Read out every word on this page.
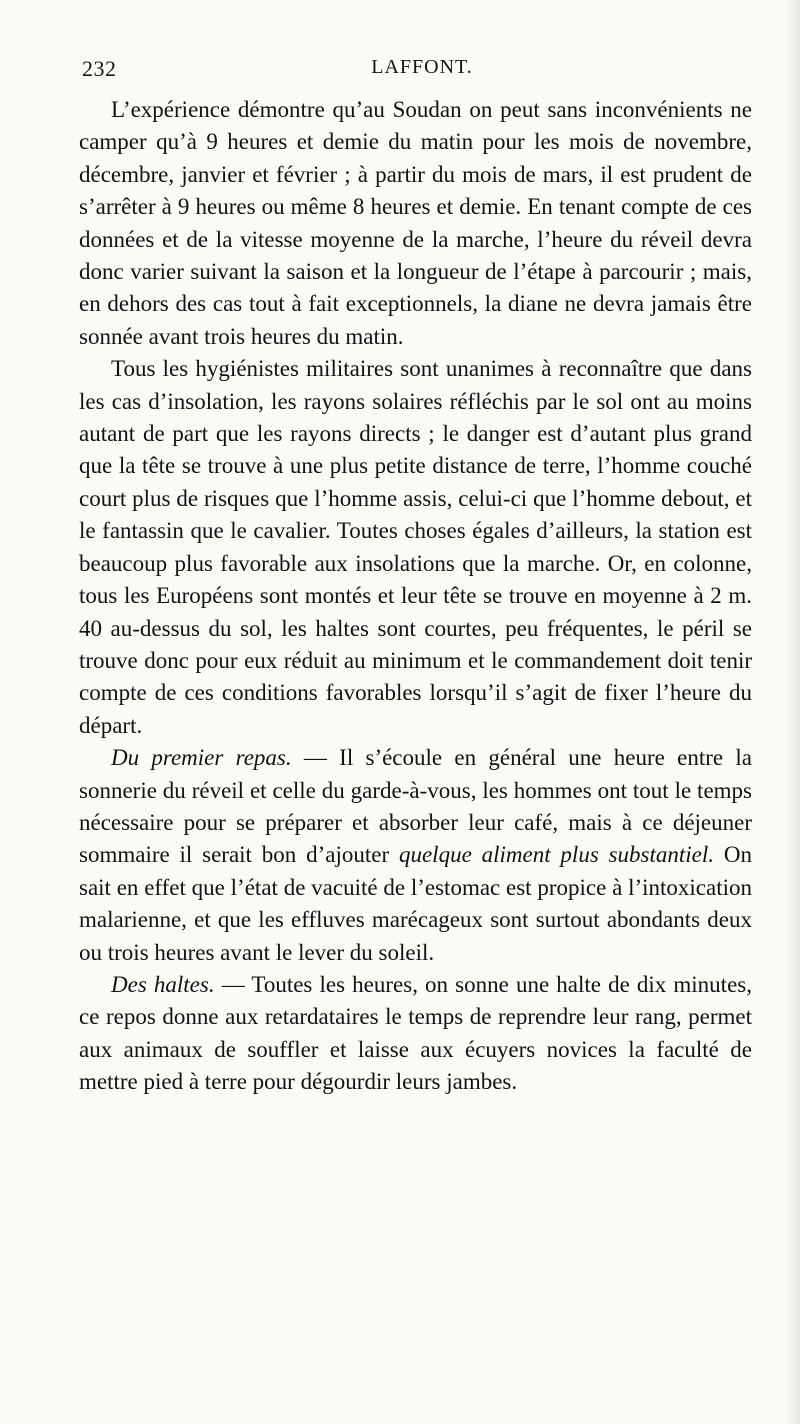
232	LAFFONT.

L’expérience démontre qu’au Soudan on peut sans inconvénients ne camper qu’à 9 heures et demie du matin pour les mois de novembre, décembre, janvier et février ; à partir du mois de mars, il est prudent de s’arrêter à 9 heures ou même 8 heures et demie. En tenant compte de ces données et de la vitesse moyenne de la marche, l’heure du réveil devra donc varier suivant la saison et la longueur de l’étape à parcourir ; mais, en dehors des cas tout à fait exceptionnels, la diane ne devra jamais être sonnée avant trois heures du matin.

Tous les hygiénistes militaires sont unanimes à reconnaître que dans les cas d’insolation, les rayons solaires réfléchis par le sol ont au moins autant de part que les rayons directs ; le danger est d’autant plus grand que la tête se trouve à une plus petite distance de terre, l’homme couché court plus de risques que l’homme assis, celui-ci que l’homme debout, et le fantassin que le cavalier. Toutes choses égales d’ailleurs, la station est beaucoup plus favorable aux insolations que la marche. Or, en colonne, tous les Européens sont montés et leur tête se trouve en moyenne à 2 m. 40 au-dessus du sol, les haltes sont courtes, peu fréquentes, le péril se trouve donc pour eux réduit au minimum et le commandement doit tenir compte de ces conditions favorables lorsqu’il s’agit de fixer l’heure du départ.

Du premier repas. — Il s’écoule en général une heure entre la sonnerie du réveil et celle du garde-à-vous, les hommes ont tout le temps nécessaire pour se préparer et absorber leur café, mais à ce déjeuner sommaire il serait bon d’ajouter quelque aliment plus substantiel. On sait en effet que l’état de vacuité de l’estomac est propice à l’intoxication malarienne, et que les effluves marécageux sont surtout abondants deux ou trois heures avant le lever du soleil.

Des haltes. — Toutes les heures, on sonne une halte de dix minutes, ce repos donne aux retardataires le temps de reprendre leur rang, permet aux animaux de souffler et laisse aux écuyers novices la faculté de mettre pied à terre pour dégourdir leurs jambes.
